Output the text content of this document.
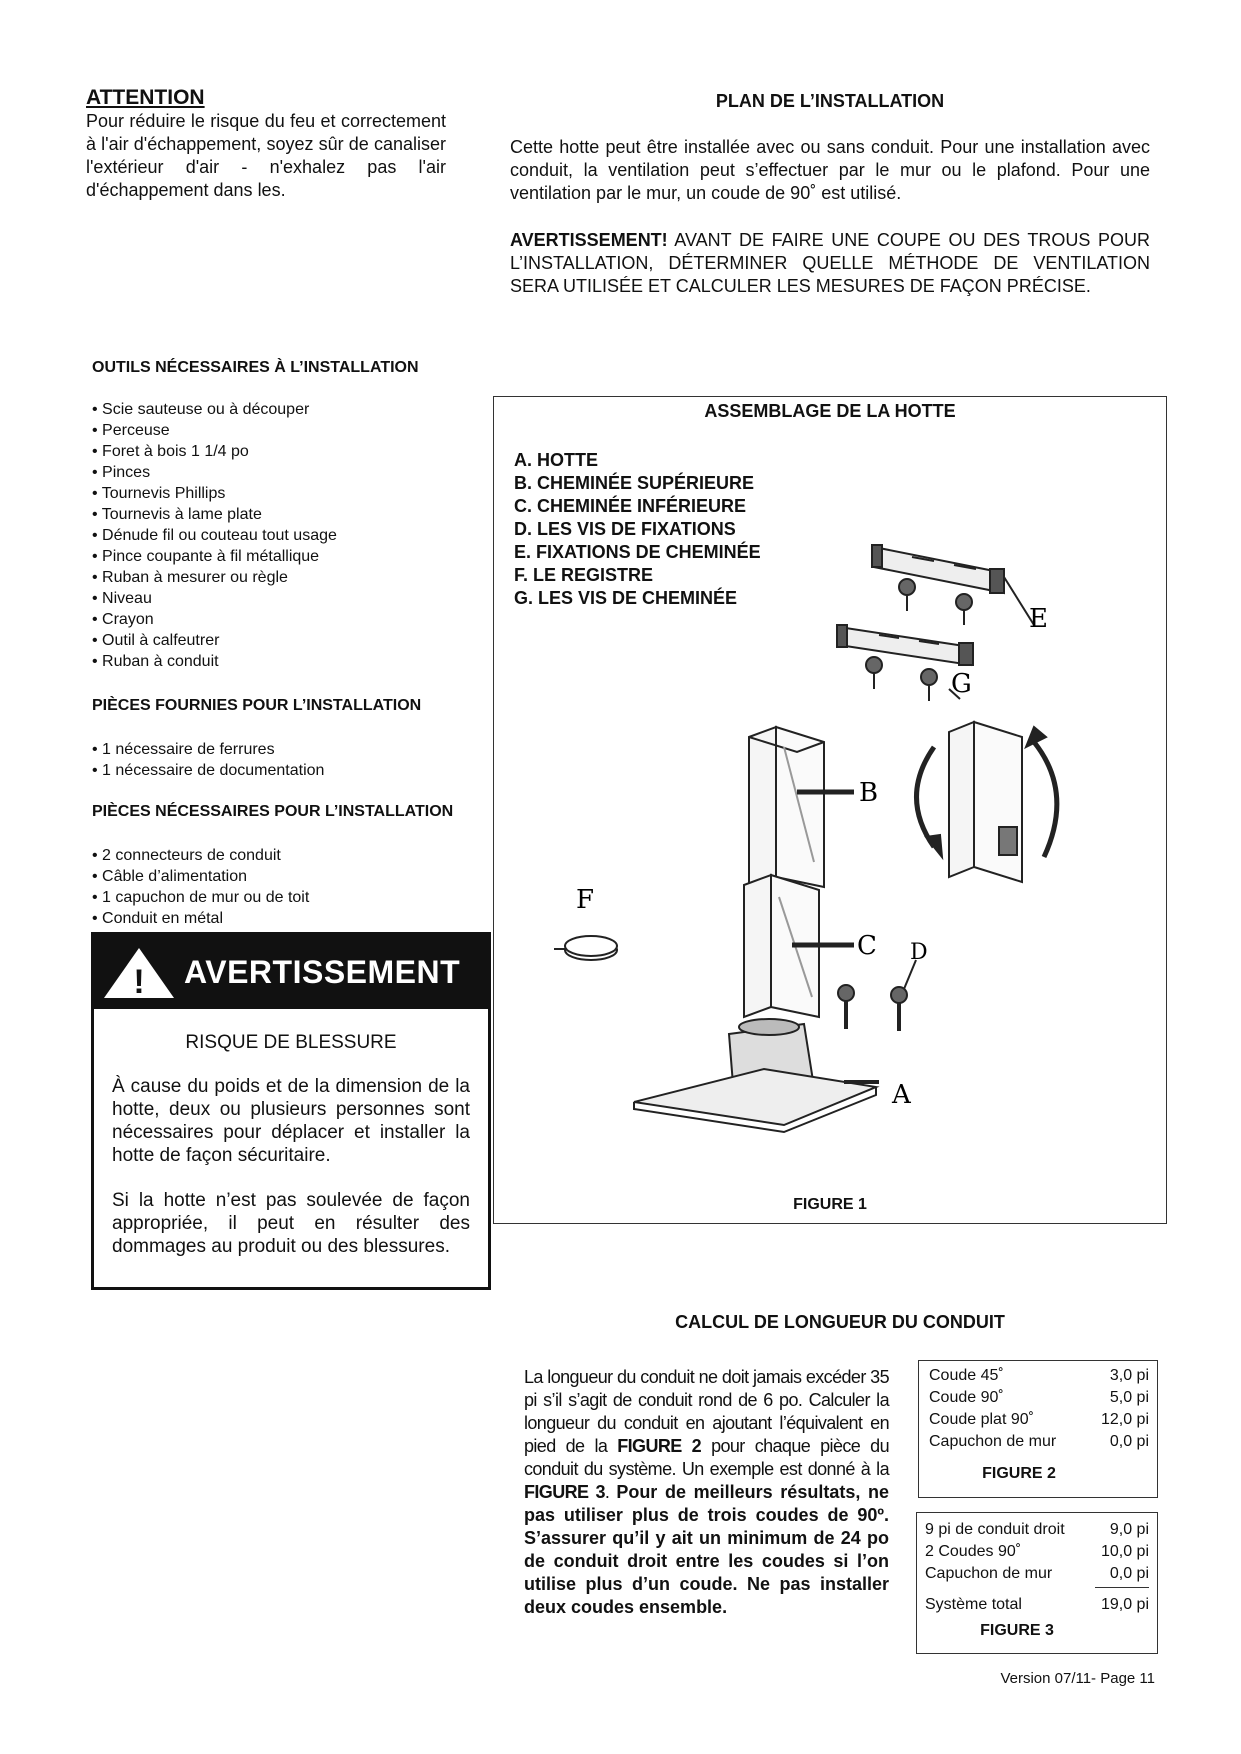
ATTENTION
Pour réduire le risque du feu et correctement à l'air d'échappement, soyez sûr de canaliser l'extérieur d'air - n'exhalez pas l'air d'échappement dans les.
PLAN DE L’INSTALLATION
Cette hotte peut être installée avec ou sans conduit. Pour une installation avec conduit, la ventilation peut s’effectuer par le mur ou le plafond. Pour une ventilation par le mur, un coude de 90˚ est utilisé.
AVERTISSEMENT! AVANT DE FAIRE UNE COUPE OU DES TROUS POUR L’INSTALLATION, DÉTERMINER QUELLE MÉTHODE DE VENTILATION SERA UTILISÉE ET CALCULER LES MESURES DE FAÇON PRÉCISE.
OUTILS NÉCESSAIRES À L’INSTALLATION
• Scie sauteuse ou à découper
• Perceuse
• Foret à bois 1 1/4 po
• Pinces
• Tournevis Phillips
• Tournevis à lame plate
• Dénude fil ou couteau tout usage
• Pince coupante à fil métallique
• Ruban à mesurer ou règle
• Niveau
• Crayon
• Outil à calfeutrer
• Ruban à conduit
PIÈCES FOURNIES POUR L’INSTALLATION
• 1 nécessaire de ferrures
• 1 nécessaire de documentation
PIÈCES NÉCESSAIRES POUR L’INSTALLATION
• 2 connecteurs de conduit
• Câble d’alimentation
• 1 capuchon de mur ou de toit
• Conduit en métal
! AVERTISSEMENT
RISQUE DE BLESSURE
À cause du poids et de la dimension de la hotte, deux ou plusieurs personnes sont nécessaires pour déplacer et installer la hotte de façon sécuritaire.
Si la hotte n’est pas soulevée de façon appropriée, il peut en résulter des dommages au produit ou des blessures.
ASSEMBLAGE DE LA HOTTE
A. HOTTE
B. CHEMINÉE SUPÉRIEURE
C. CHEMINÉE INFÉRIEURE
D. LES VIS DE FIXATIONS
E. FIXATIONS DE CHEMINÉE
F. LE REGISTRE
G. LES VIS DE CHEMINÉE
E
G
B
F
C D
A
FIGURE 1
CALCUL DE LONGUEUR DU CONDUIT
La longueur du conduit ne doit jamais excéder 35 pi s’il s’agit de conduit rond de 6 po. Calculer la longueur du conduit en ajoutant l’équivalent en pied de la FIGURE 2 pour chaque pièce du conduit du système. Un exemple est donné à la FIGURE 3. Pour de meilleurs résultats, ne pas utiliser plus de trois coudes de 90º. S’assurer qu’il y ait un minimum de 24 po de conduit droit entre les coudes si l’on utilise plus d’un coude. Ne pas installer deux coudes ensemble.
Coude 45˚	3,0 pi
Coude 90˚	5,0 pi
Coude plat 90˚	12,0 pi
Capuchon de mur	0,0 pi
FIGURE 2
9 pi de conduit droit	9,0 pi
2 Coudes 90˚	10,0 pi
Capuchon de mur	0,0 pi
Système total	19,0 pi
FIGURE 3
Version 07/11- Page 11
